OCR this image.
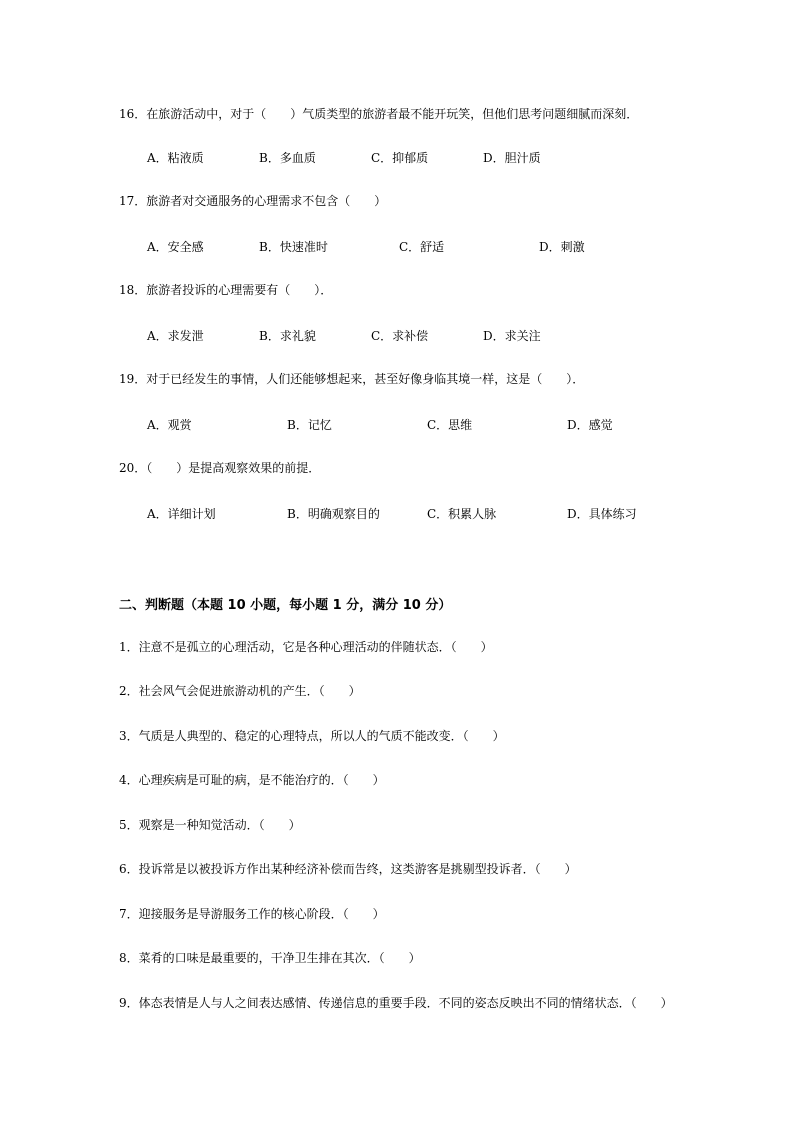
16．在旅游活动中，对于（　　）气质类型的旅游者最不能开玩笑，但他们思考问题细腻而深刻．
A．粘液质	B．多血质	C．抑郁质	D．胆汁质
17．旅游者对交通服务的心理需求不包含（　　）
A．安全感	B．快速准时	C．舒适	D．刺激
18．旅游者投诉的心理需要有（　　）．
A．求发泄	B．求礼貌	C．求补偿	D．求关注
19．对于已经发生的事情，人们还能够想起来，甚至好像身临其境一样，这是（　　）．
A．观赏	B．记忆	C．思维	D．感觉
20．（　　）是提高观察效果的前提．
A．详细计划	B．明确观察目的	C．积累人脉	D．具体练习
二、判断题（本题 10 小题，每小题 1 分，满分 10 分）
1．注意不是孤立的心理活动，它是各种心理活动的伴随状态．（　　）
2．社会风气会促进旅游动机的产生．（　　）
3．气质是人典型的、稳定的心理特点，所以人的气质不能改变．（　　）
4．心理疾病是可耻的病，是不能治疗的．（　　）
5．观察是一种知觉活动．（　　）
6．投诉常是以被投诉方作出某种经济补偿而告终，这类游客是挑剔型投诉者．（　　）
7．迎接服务是导游服务工作的核心阶段．（　　）
8．菜肴的口味是最重要的，干净卫生排在其次．（　　）
9．体态表情是人与人之间表达感情、传递信息的重要手段．不同的姿态反映出不同的情绪状态．（　　）
